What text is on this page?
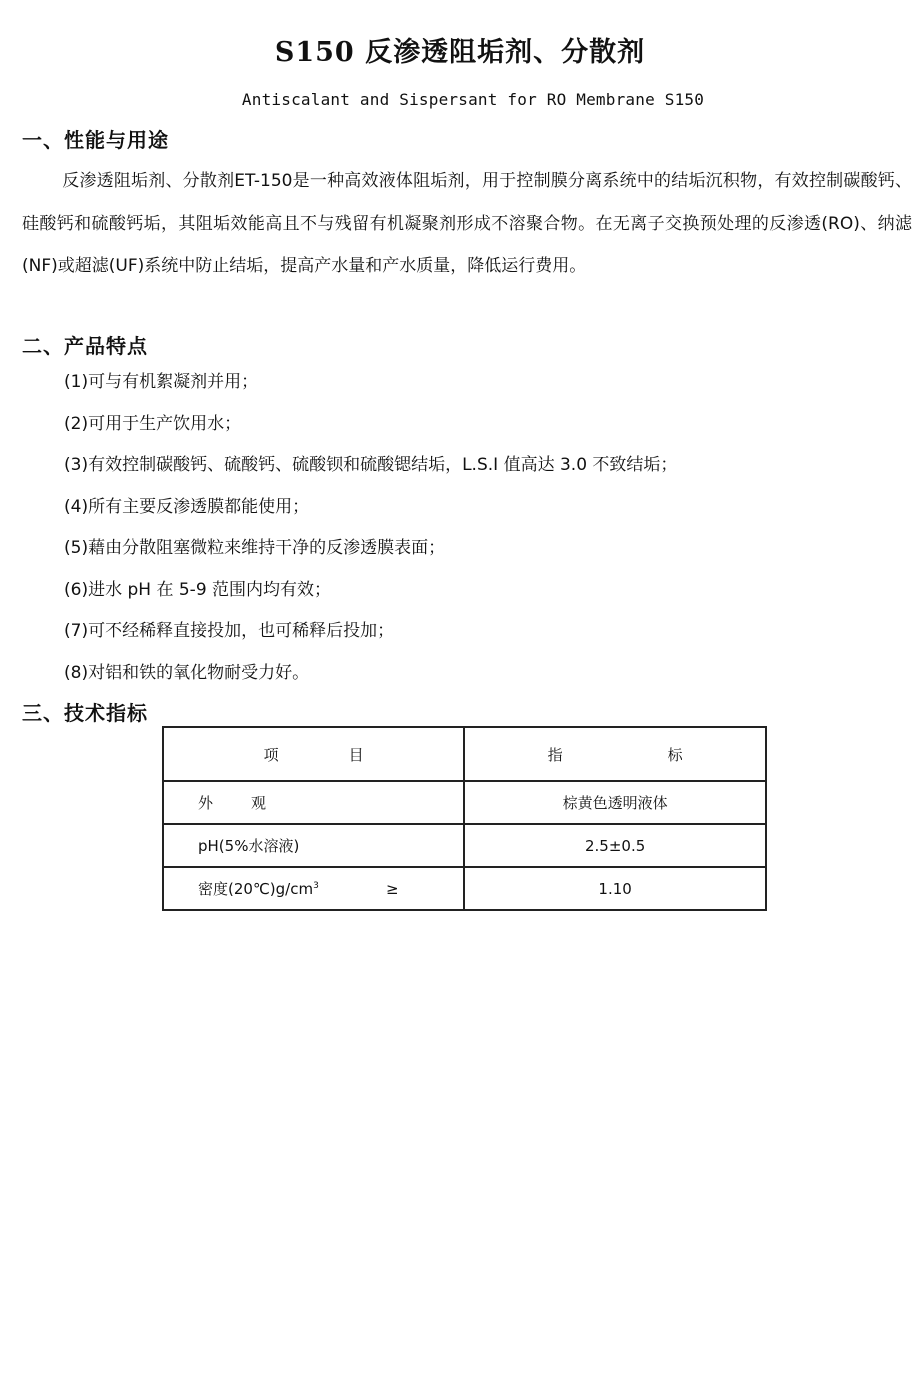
S150 反渗透阻垢剂、分散剂
Antiscalant and Sispersant for RO Membrane S150
一、性能与用途
反渗透阻垢剂、分散剂ET-150是一种高效液体阻垢剂，用于控制膜分离系统中的结垢沉积物，有效控制碳酸钙、硅酸钙和硫酸钙垢，其阻垢效能高且不与残留有机凝聚剂形成不溶聚合物。在无离子交换预处理的反渗透(RO)、纳滤(NF)或超滤(UF)系统中防止结垢，提高产水量和产水质量，降低运行费用。
二、产品特点
(1)可与有机絮凝剂并用；
(2)可用于生产饮用水；
(3)有效控制碳酸钙、硫酸钙、硫酸钡和硫酸锶结垢，L.S.I 值高达 3.0 不致结垢；
(4)所有主要反渗透膜都能使用；
(5)藉由分散阻塞微粒来维持干净的反渗透膜表面；
(6)进水 pH 在 5-9 范围内均有效；
(7)可不经稀释直接投加，也可稀释后投加；
(8)对铝和铁的氧化物耐受力好。
三、技术指标
项 目	指 标
外 观	棕黄色透明液体
pH(5%水溶液)	2.5±0.5
密度$(20℃)g/cm^3$ ≥	1.10
